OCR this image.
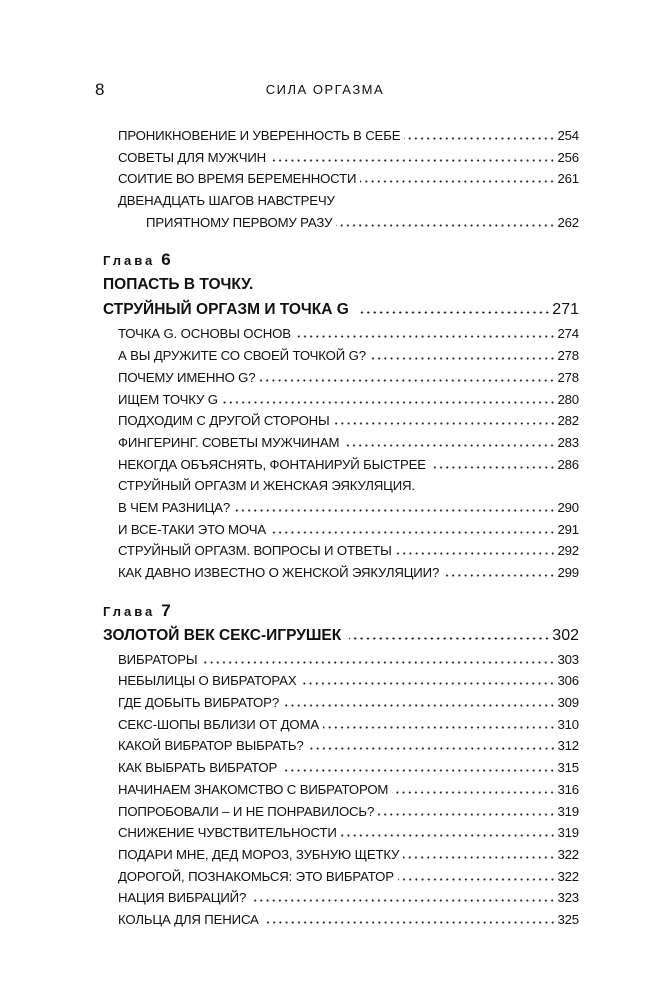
8	СИЛА ОРГАЗМА
ПРОНИКНОВЕНИЕ И УВЕРЕННОСТЬ В СЕБЕ	254
СОВЕТЫ ДЛЯ МУЖЧИН	256
СОИТИЕ ВО ВРЕМЯ БЕРЕМЕННОСТИ	261
ДВЕНАДЦАТЬ ШАГОВ НАВСТРЕЧУ
ПРИЯТНОМУ ПЕРВОМУ РАЗУ	262
Глава 6
ПОПАСТЬ В ТОЧКУ.
СТРУЙНЫЙ ОРГАЗМ И ТОЧКА G	271
ТОЧКА G. ОСНОВЫ ОСНОВ	274
А ВЫ ДРУЖИТЕ СО СВОЕЙ ТОЧКОЙ G?	278
ПОЧЕМУ ИМЕННО G?	278
ИЩЕМ ТОЧКУ G	280
ПОДХОДИМ С ДРУГОЙ СТОРОНЫ	282
ФИНГЕРИНГ. СОВЕТЫ МУЖЧИНАМ	283
НЕКОГДА ОБЪЯСНЯТЬ, ФОНТАНИРУЙ БЫСТРЕЕ	286
СТРУЙНЫЙ ОРГАЗМ И ЖЕНСКАЯ ЭЯКУЛЯЦИЯ.
В ЧЕМ РАЗНИЦА?	290
И ВСЕ-ТАКИ ЭТО МОЧА	291
СТРУЙНЫЙ ОРГАЗМ. ВОПРОСЫ И ОТВЕТЫ	292
КАК ДАВНО ИЗВЕСТНО О ЖЕНСКОЙ ЭЯКУЛЯЦИИ?	299
Глава 7
ЗОЛОТОЙ ВЕК СЕКС-ИГРУШЕК	302
ВИБРАТОРЫ	303
НЕБЫЛИЦЫ О ВИБРАТОРАХ	306
ГДЕ ДОБЫТЬ ВИБРАТОР?	309
СЕКС-ШОПЫ ВБЛИЗИ ОТ ДОМА	310
КАКОЙ ВИБРАТОР ВЫБРАТЬ?	312
КАК ВЫБРАТЬ ВИБРАТОР	315
НАЧИНАЕМ ЗНАКОМСТВО С ВИБРАТОРОМ	316
ПОПРОБОВАЛИ – И НЕ ПОНРАВИЛОСЬ?	319
СНИЖЕНИЕ ЧУВСТВИТЕЛЬНОСТИ	319
ПОДАРИ МНЕ, ДЕД МОРОЗ, ЗУБНУЮ ЩЕТКУ	322
ДОРОГОЙ, ПОЗНАКОМЬСЯ: ЭТО ВИБРАТОР	322
НАЦИЯ ВИБРАЦИЙ?	323
КОЛЬЦА ДЛЯ ПЕНИСА	325
